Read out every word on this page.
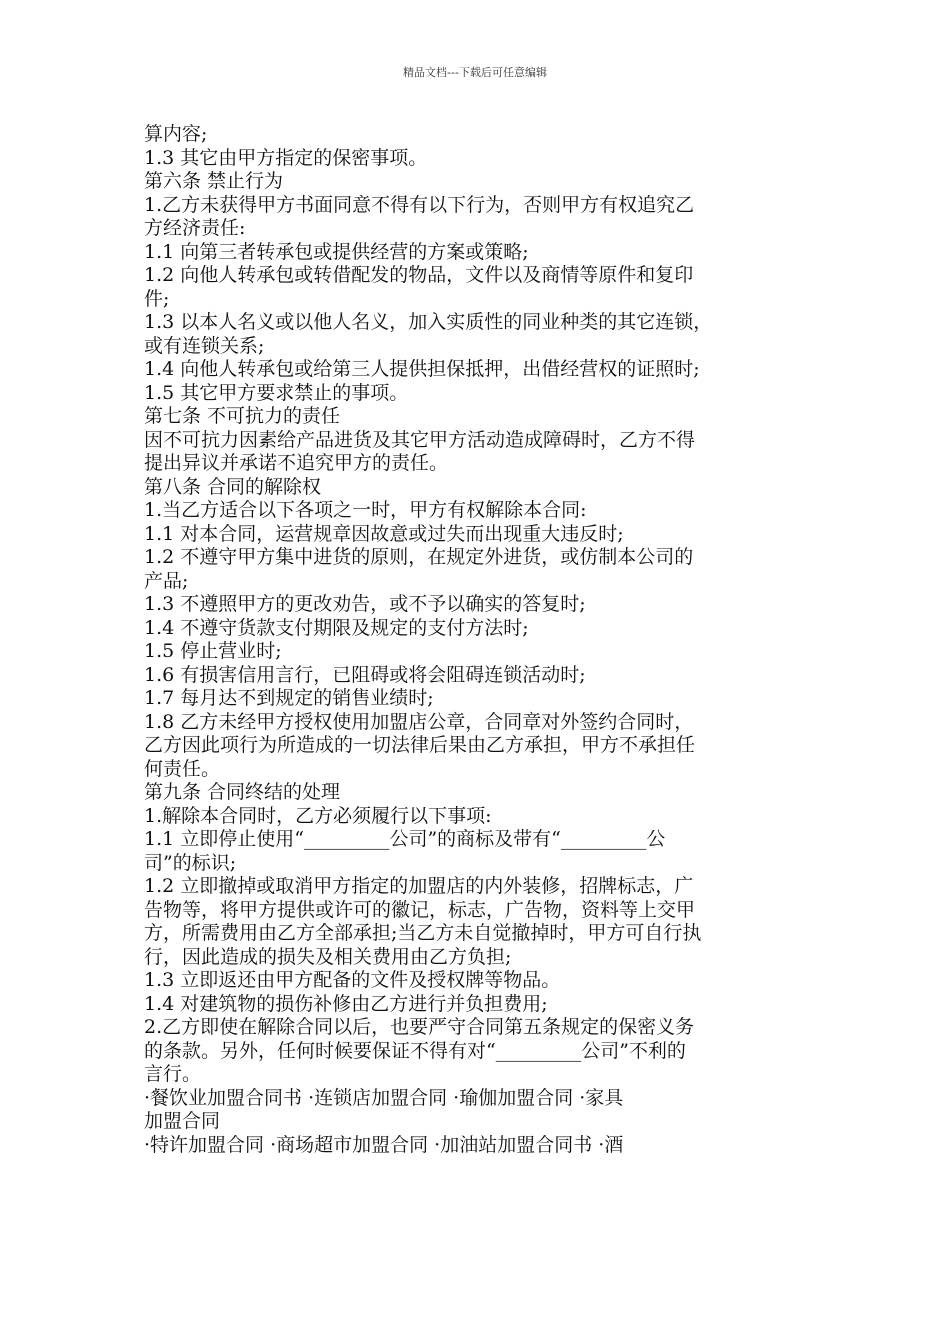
精品文档---下载后可任意编辑
算内容;
1.3 其它由甲方指定的保密事项。
第六条 禁止行为
1.乙方未获得甲方书面同意不得有以下行为，否则甲方有权追究乙
方经济责任:
1.1 向第三者转承包或提供经营的方案或策略;
1.2 向他人转承包或转借配发的物品，文件以及商情等原件和复印
件;
1.3 以本人名义或以他人名义，加入实质性的同业种类的其它连锁，
或有连锁关系;
1.4 向他人转承包或给第三人提供担保抵押，出借经营权的证照时;
1.5 其它甲方要求禁止的事项。
第七条 不可抗力的责任
因不可抗力因素给产品进货及其它甲方活动造成障碍时，乙方不得
提出异议并承诺不追究甲方的责任。
第八条 合同的解除权
1.当乙方适合以下各项之一时，甲方有权解除本合同:
1.1 对本合同，运营规章因故意或过失而出现重大违反时;
1.2 不遵守甲方集中进货的原则，在规定外进货，或仿制本公司的
产品;
1.3 不遵照甲方的更改劝告，或不予以确实的答复时;
1.4 不遵守货款支付期限及规定的支付方法时;
1.5 停止营业时;
1.6 有损害信用言行，已阻碍或将会阻碍连锁活动时;
1.7 每月达不到规定的销售业绩时;
1.8 乙方未经甲方授权使用加盟店公章，合同章对外签约合同时，
乙方因此项行为所造成的一切法律后果由乙方承担，甲方不承担任
何责任。
第九条 合同终结的处理
1.解除本合同时，乙方必须履行以下事项:
1.1 立即停止使用“_________公司”的商标及带有“_________公
司”的标识;
1.2 立即撤掉或取消甲方指定的加盟店的内外装修，招牌标志，广
告物等，将甲方提供或许可的徽记，标志，广告物，资料等上交甲
方，所需费用由乙方全部承担;当乙方未自觉撤掉时，甲方可自行执
行，因此造成的损失及相关费用由乙方负担;
1.3 立即返还由甲方配备的文件及授权牌等物品。
1.4 对建筑物的损伤补修由乙方进行并负担费用;
2.乙方即使在解除合同以后，也要严守合同第五条规定的保密义务
的条款。另外，任何时候要保证不得有对“_________公司”不利的
言行。
·餐饮业加盟合同书 ·连锁店加盟合同 ·瑜伽加盟合同 ·家具
加盟合同
·特许加盟合同 ·商场超市加盟合同 ·加油站加盟合同书 ·酒
